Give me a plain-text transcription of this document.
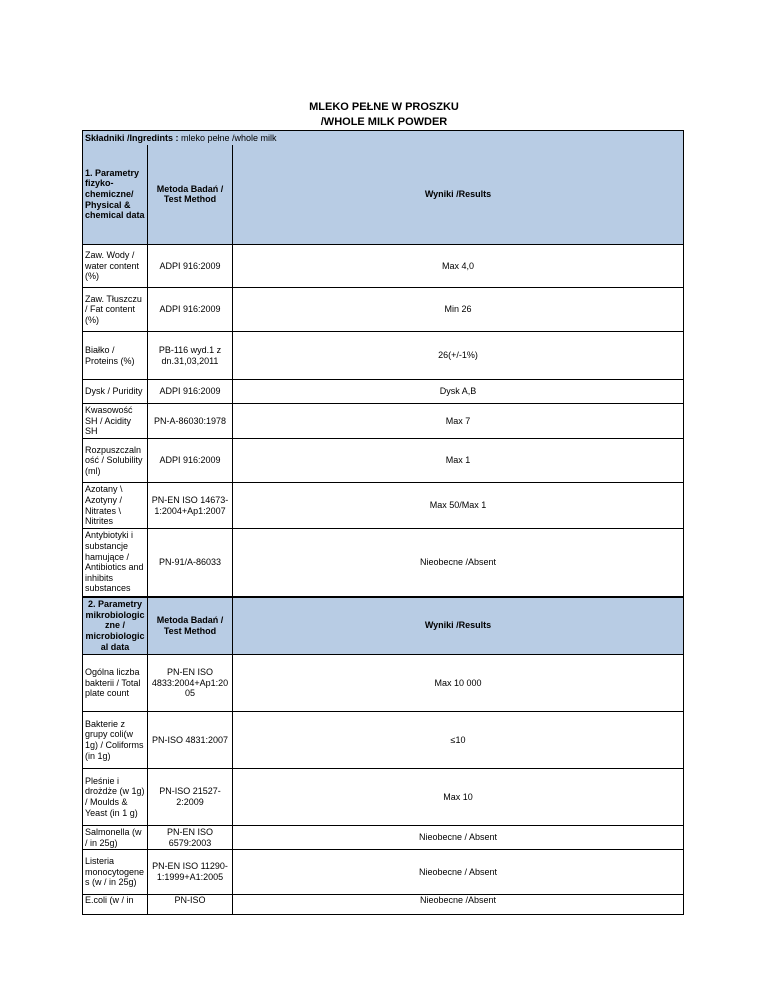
MLEKO PEŁNE W PROSZKU
/WHOLE MILK POWDER
Składniki /Ingredints : mleko pełne /whole milk		
1. Parametry fizyko- chemiczne/ Physical & chemical data	Metoda Badań / Test Method	Wyniki /Results
Zaw. Wody / water content (%)	ADPI 916:2009	Max 4,0
Zaw. Tłuszczu / Fat content (%)	ADPI 916:2009	Min 26
Białko / Proteins (%)	PB-116 wyd.1 z dn.31,03,2011	26(+/-1%)
Dysk / Puridity	ADPI 916:2009	Dysk A,B
Kwasowość SH / Acidity SH	PN-A-86030:1978	Max 7
Rozpuszczalność / Solubility (ml)	ADPI 916:2009	Max 1
Azotany \ Azotyny / Nitrates \ Nitrites	PN-EN ISO 14673-1:2004+Ap1:2007	Max 50/Max 1
Antybiotyki i substancje hamujące / Antibiotics and inhibits substances	PN-91/A-86033	Nieobecne /Absent
2. Parametry mikrobiologiczne / microbiological data	Metoda Badań / Test Method	Wyniki /Results
Ogólna liczba bakterii / Total plate count	PN-EN ISO 4833:2004+Ap1:2005	Max 10 000
Bakterie z grupy coli(w 1g) / Coliforms (in 1g)	PN-ISO 4831:2007	≤10
Pleśnie i drożdże (w 1g) / Moulds & Yeast (in 1 g)	PN-ISO 21527-2:2009	Max 10
Salmonella (w / in 25g)	PN-EN ISO 6579:2003	Nieobecne / Absent
Listeria monocytogenes (w / in 25g)	PN-EN ISO 11290-1:1999+A1:2005	Nieobecne / Absent
E.coli (w / in	PN-ISO	Nieobecne /Absent
